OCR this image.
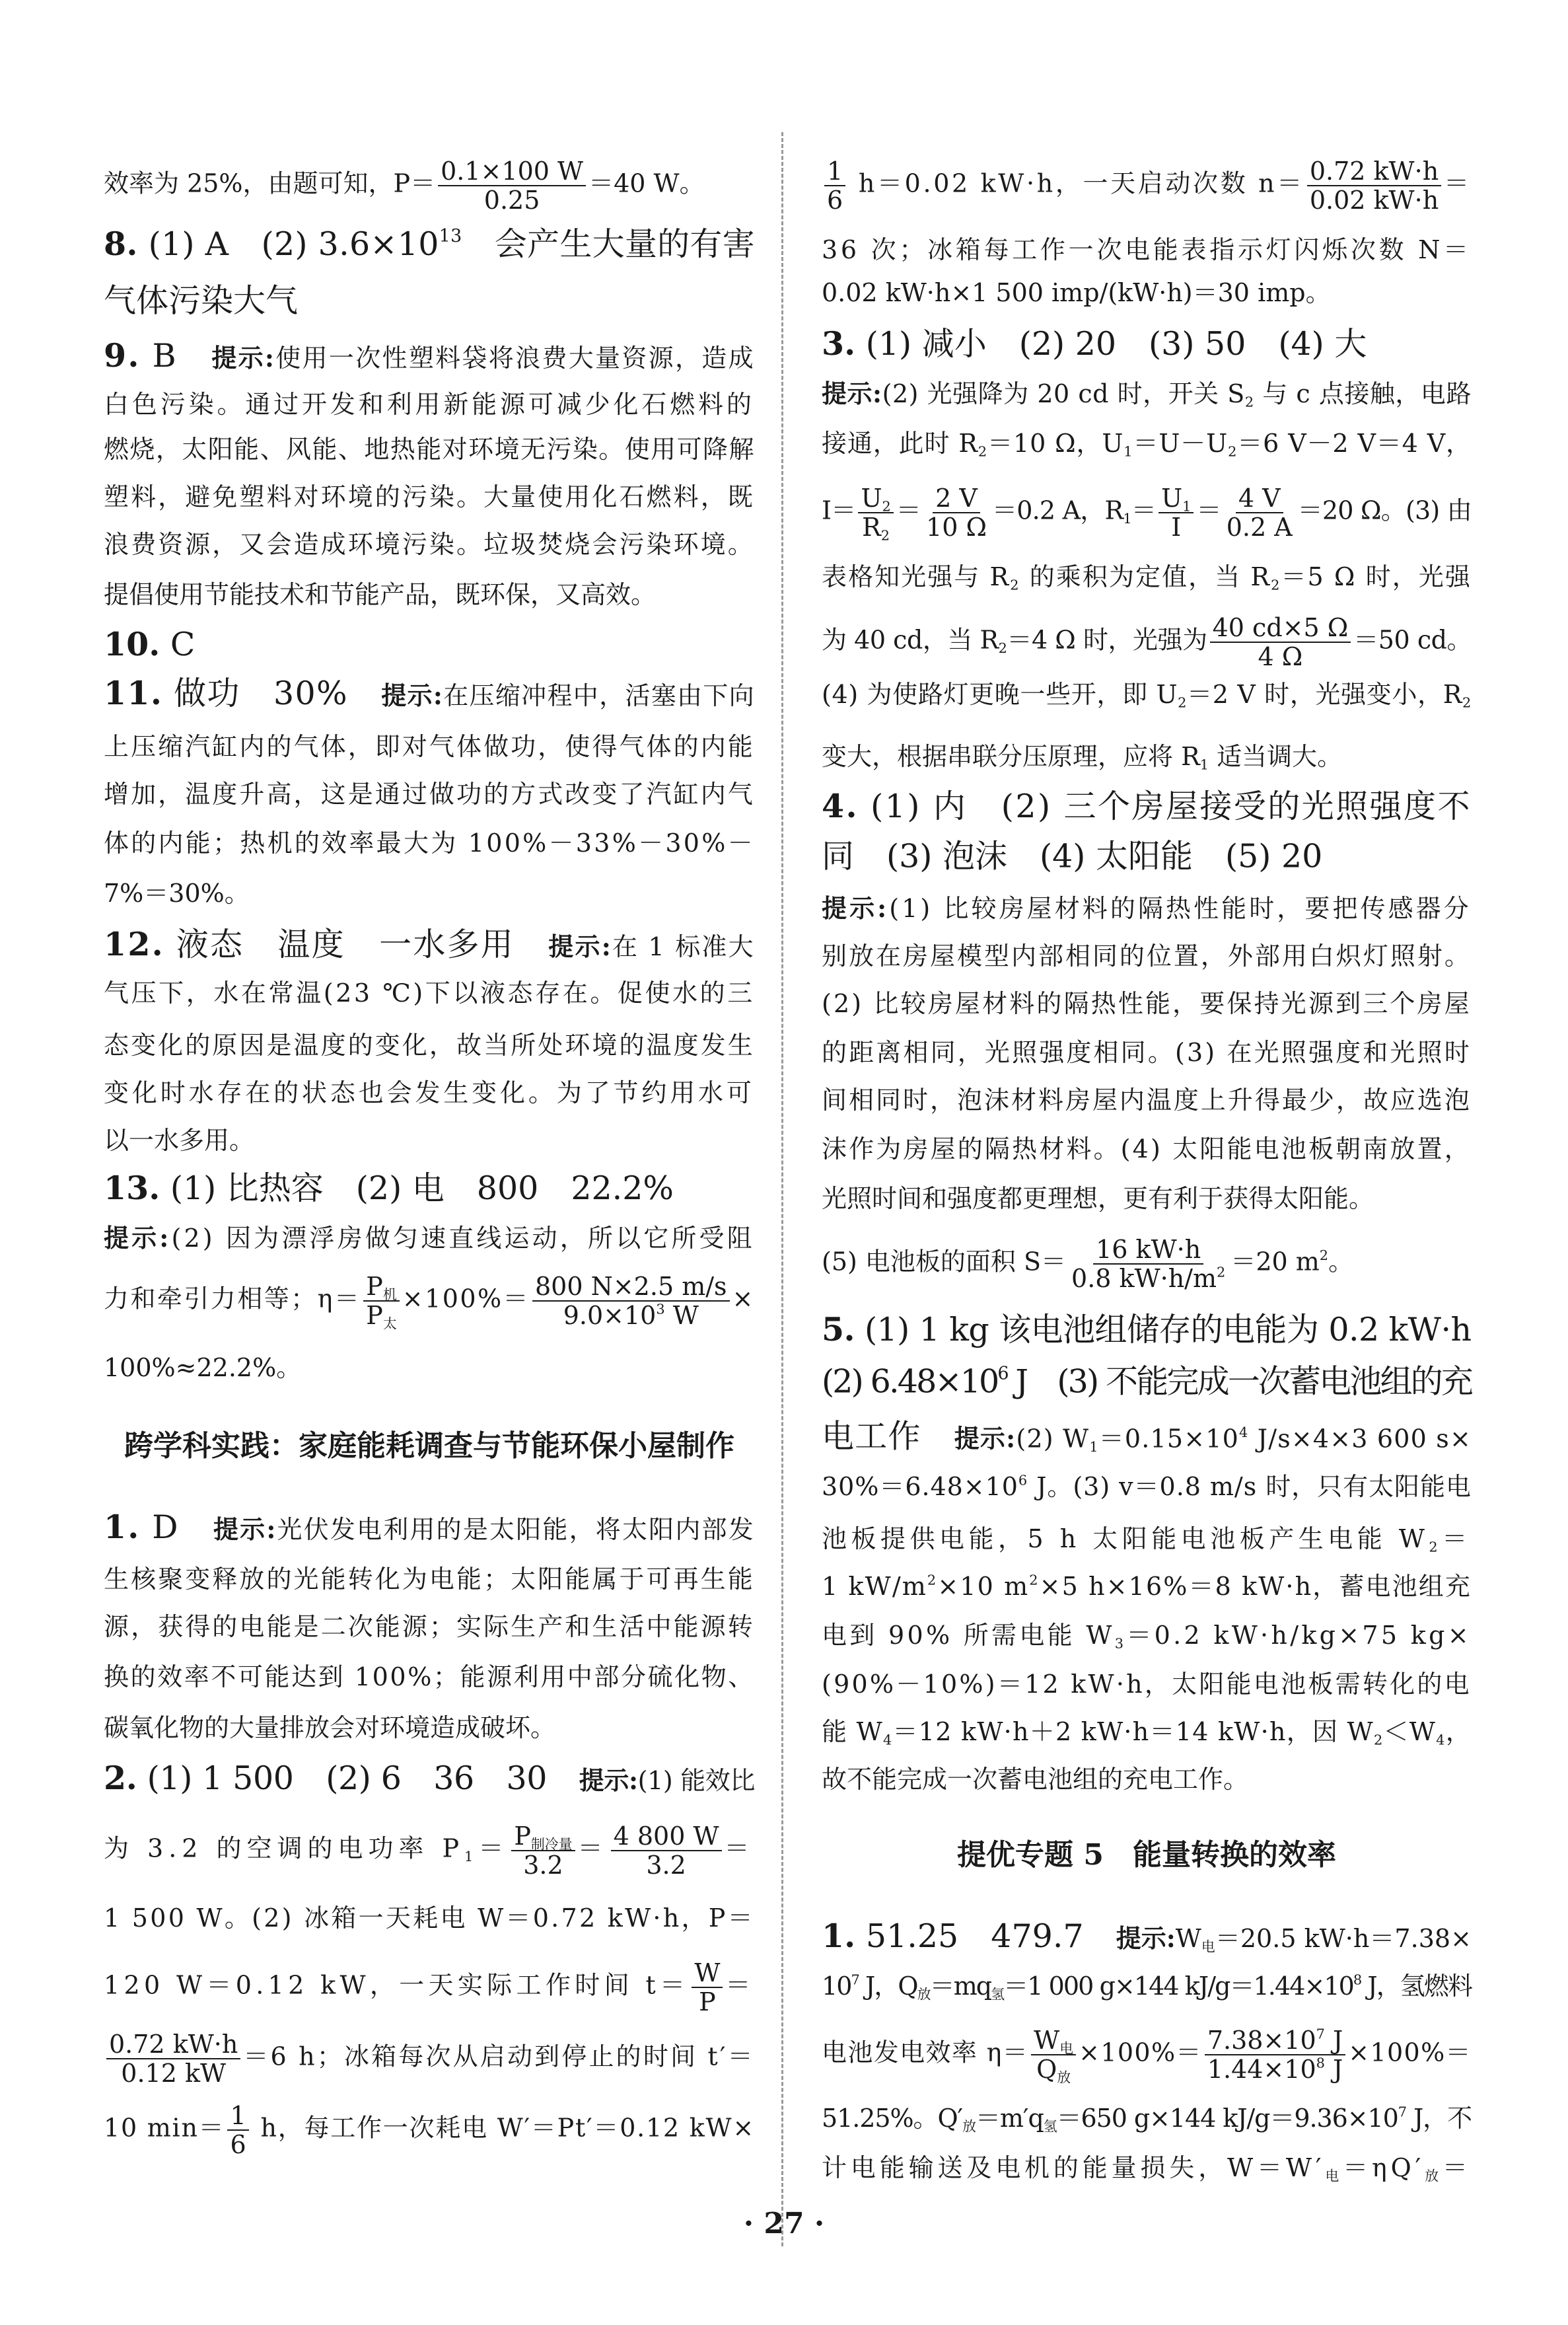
效率为 25%，由题可知，$P= \frac{0.1\times 100 W}{0.25} =40$ W。
8. (1) A　(2) $3.6\times 10^{13}$　会产生大量的有害
气体污染大气
9. B　提示:使用一次性塑料袋将浪费大量资源，造成
白色污染。通过开发和利用新能源可减少化石燃料的
燃烧，太阳能、风能、地热能对环境无污染。使用可降解
塑料，避免塑料对环境的污染。大量使用化石燃料，既
浪费资源，又会造成环境污染。垃圾焚烧会污染环境。
提倡使用节能技术和节能产品，既环保，又高效。
10. C
11. 做功　30%　提示:在压缩冲程中，活塞由下向
上压缩汽缸内的气体，即对气体做功，使得气体的内能
增加，温度升高，这是通过做功的方式改变了汽缸内气
体的内能；热机的效率最大为 100%－33%－30%－
7%＝30%。
12. 液态　温度　一水多用　提示:在 1 标准大
气压下，水在常温(23 ℃)下以液态存在。促使水的三
态变化的原因是温度的变化，故当所处环境的温度发生
变化时水存在的状态也会发生变化。为了节约用水可
以一水多用。
13. (1) 比热容　(2) 电　800　22.2%
提示:(2) 因为漂浮房做匀速直线运动，所以它所受阻
力和牵引力相等；$\eta= \frac{P_机}{P_太} \times 100\%= \frac{800 N\times 2.5 m/s}{9.0\times 10^3 W}$ ×
100%≈22.2%。
跨学科实践：家庭能耗调查与节能环保小屋制作
1. D　提示:光伏发电利用的是太阳能，将太阳内部发
生核聚变释放的光能转化为电能；太阳能属于可再生能
源，获得的电能是二次能源；实际生产和生活中能源转
换的效率不可能达到 100%；能源利用中部分硫化物、
碳氧化物的大量排放会对环境造成破坏。
2. (1) 1 500　(2) 6　36　30　提示:(1) 能效比
为 3.2 的空调的电功率 $P_1= \frac{P_{制冷量}}{3.2} = \frac{4 800 W}{3.2}$ ＝
1 500 W。(2) 冰箱一天耗电 W＝0.72 kW·h，P＝
120 W＝0.12 kW，一天实际工作时间 $t= \frac{W}{P}$ ＝
$\frac{0.72 kW\cdot h}{0.12 kW} =6$ h；冰箱每次从启动到停止的时间 t′＝
10 $\min= \frac{1}{6}$ h，每工作一次耗电 W′＝Pt′＝0.12 kW×
$\frac{1}{6} h=0.02$ kW·h，一天启动次数 $n= \frac{0.72 kW\cdot h}{0.02 kW\cdot h}$ ＝
36 次；冰箱每工作一次电能表指示灯闪烁次数 N＝
0.02 kW·h×1 500 imp/(kW·h)＝30 imp。
3. (1) 减小　(2) 20　(3) 50　(4) 大
提示:(2) 光强降为 20 cd 时，开关 $S_2$ 与 c 点接触，电路
接通，此时 $R_2=10$ Ω，$U_1=U-U_2=6$ V－2 V＝4 V，
$I= \frac{U_2}{R_2} = \frac{2 V}{10 \Omega} =0.2$ A，$R_1= \frac{U_1}{I} = \frac{4 V}{0.2 A} =20$ Ω。(3) 由
表格知光强与 $R_2$ 的乘积为定值，当 $R_2=5$ Ω 时，光强
为 40 cd，当 $R_2=4$ Ω 时，光强为 $\frac{40 cd\times 5 \Omega}{4 \Omega} =50$ cd。
(4) 为使路灯更晚一些开，即 $U_2=2$ V 时，光强变小，$R_2$
变大，根据串联分压原理，应将 $R_1$ 适当调大。
4. (1) 内　(2) 三个房屋接受的光照强度不
同　(3) 泡沫　(4) 太阳能　(5) 20
提示:(1) 比较房屋材料的隔热性能时，要把传感器分
别放在房屋模型内部相同的位置，外部用白炽灯照射。
(2) 比较房屋材料的隔热性能，要保持光源到三个房屋
的距离相同，光照强度相同。(3) 在光照强度和光照时
间相同时，泡沫材料房屋内温度上升得最少，故应选泡
沫作为房屋的隔热材料。(4) 太阳能电池板朝南放置，
光照时间和强度都更理想，更有利于获得太阳能。
(5) 电池板的面积 $S= \frac{16 kW\cdot h}{0.8 kW\cdot h/m^2} =20$ $m^2$。
5. (1) 1 kg 该电池组储存的电能为 0.2 kW·h
(2) $6.48\times 10^6$ J　(3) 不能完成一次蓄电池组的充
电工作　提示:(2) $W_1=0.15\times 10^4$ J/s×4×3 600 s×
$30\%=6.48\times 10^6$ J。(3) v＝0.8 m/s 时，只有太阳能电
池板提供电能，5 h 太阳能电池板产生电能 $W_2=$
1 $kW/m^2\times 10$ $m^2\times 5$ h×16%＝8 kW·h，蓄电池组充
电到 90% 所需电能 $W_3=0.2$ kW·h/kg×75 kg×
(90%－10%)＝12 kW·h，太阳能电池板需转化的电
能 $W_4=12$ kW·h＋2 kW·h＝14 kW·h，因 $W_2<W_4$，
故不能完成一次蓄电池组的充电工作。
提优专题 5　能量转换的效率
1. 51.25　479.7　提示$:W_电=20.5$ kW·h＝7.38×
$10^7$ J，$Q_放=mq_氢=1$ 000 g×144 $kJ/g=1.44\times 10^8$ J，氢燃料
电池发电效率 $\eta= \frac{W_电}{Q_放} \times 100\%= \frac{7.38\times 10^7 J}{1.44\times 10^8 J} \times 100\%=$
51.25%。$Q'_放=m'q_氢=650$ g×144 $kJ/g=9.36\times 10^7$ J，不
计电能输送及电机的能量损失，$W=W'_电=\eta Q'_放=$
· 27 ·
